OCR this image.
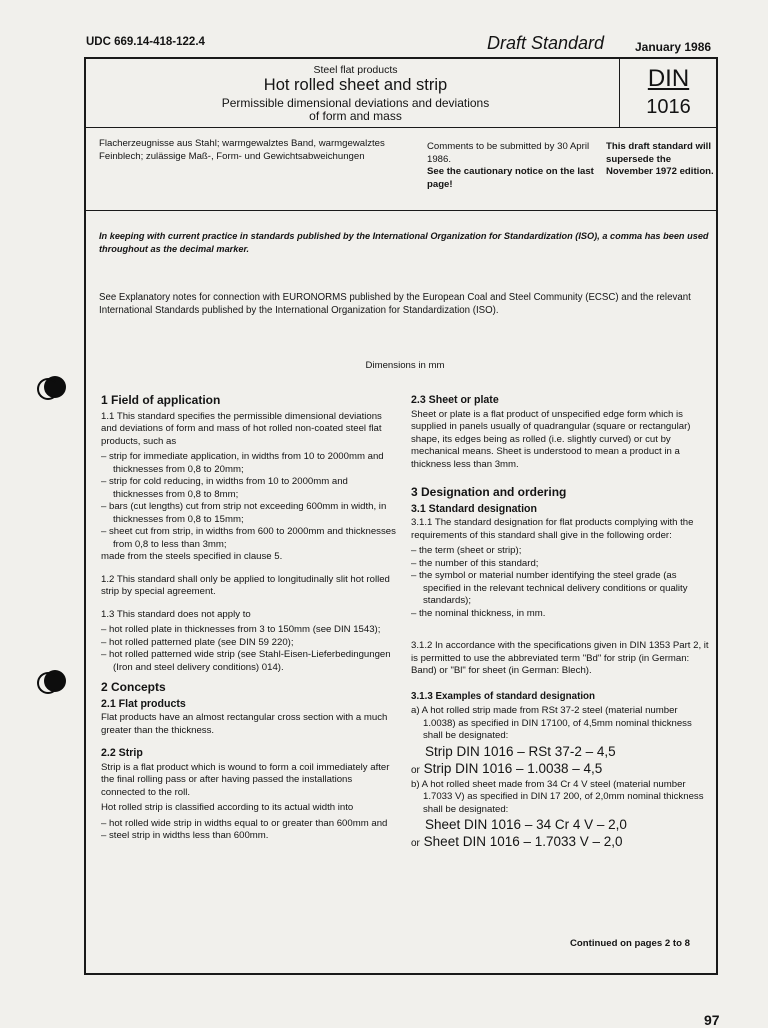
UDC 669.14-418-122.4	Draft Standard	January 1986
Steel flat products
Hot rolled sheet and strip
Permissible dimensional deviations and deviations
of form and mass
DIN
1016
Flacherzeugnisse aus Stahl; warmgewalztes Band, warmgewalztes Feinblech; zulässige Maß-, Form- und Gewichtsabweichungen
Comments to be submitted by 30 April 1986.
See the cautionary notice on the last page!
This draft standard will supersede the November 1972 edition.
In keeping with current practice in standards published by the International Organization for Standardization (ISO), a comma has been used throughout as the decimal marker.
See Explanatory notes for connection with EURONORMS published by the European Coal and Steel Community (ECSC) and the relevant International Standards published by the International Organization for Standardization (ISO).
Dimensions in mm
1 Field of application
1.1 This standard specifies the permissible dimensional deviations and deviations of form and mass of hot rolled non-coated steel flat products, such as
– strip for immediate application, in widths from 10 to 2000mm and thicknesses from 0,8 to 20mm;
– strip for cold reducing, in widths from 10 to 2000mm and thicknesses from 0,8 to 8mm;
– bars (cut lengths) cut from strip not exceeding 600mm in width, in thicknesses from 0,8 to 15mm;
– sheet cut from strip, in widths from 600 to 2000mm and thicknesses from 0,8 to less than 3mm;
made from the steels specified in clause 5.
1.2 This standard shall only be applied to longitudinally slit hot rolled strip by special agreement.
1.3 This standard does not apply to
– hot rolled plate in thicknesses from 3 to 150mm (see DIN 1543);
– hot rolled patterned plate (see DIN 59 220);
– hot rolled patterned wide strip (see Stahl-Eisen-Lieferbedingungen (Iron and steel delivery conditions) 014).
2 Concepts
2.1 Flat products
Flat products have an almost rectangular cross section with a much greater than the thickness.
2.2 Strip
Strip is a flat product which is wound to form a coil immediately after the final rolling pass or after having passed the installations connected to the roll.
Hot rolled strip is classified according to its actual width into
– hot rolled wide strip in widths equal to or greater than 600mm and
– steel strip in widths less than 600mm.
2.3 Sheet or plate
Sheet or plate is a flat product of unspecified edge form which is supplied in panels usually of quadrangular (square or rectangular) shape, its edges being as rolled (i.e. slightly curved) or cut by mechanical means. Sheet is understood to mean a product in a thickness less than 3mm.
3 Designation and ordering
3.1 Standard designation
3.1.1 The standard designation for flat products complying with the requirements of this standard shall give in the following order:
– the term (sheet or strip);
– the number of this standard;
– the symbol or material number identifying the steel grade (as specified in the relevant technical delivery conditions or quality standards);
– the nominal thickness, in mm.
3.1.2 In accordance with the specifications given in DIN 1353 Part 2, it is permitted to use the abbreviated term "Bd" for strip (in German: Band) or "Bl" for sheet (in German: Blech).
3.1.3 Examples of standard designation
a) A hot rolled strip made from RSt 37-2 steel (material number 1.0038) as specified in DIN 17100, of 4,5mm nominal thickness shall be designated:
Strip DIN 1016 – RSt 37-2 – 4,5
or Strip DIN 1016 – 1.0038 – 4,5
b) A hot rolled sheet made from 34 Cr 4 V steel (material number 1.7033 V) as specified in DIN 17 200, of 2,0mm nominal thickness shall be designated:
Sheet DIN 1016 – 34 Cr 4 V – 2,0
or Sheet DIN 1016 – 1.7033 V – 2,0
Continued on pages 2 to 8
97
